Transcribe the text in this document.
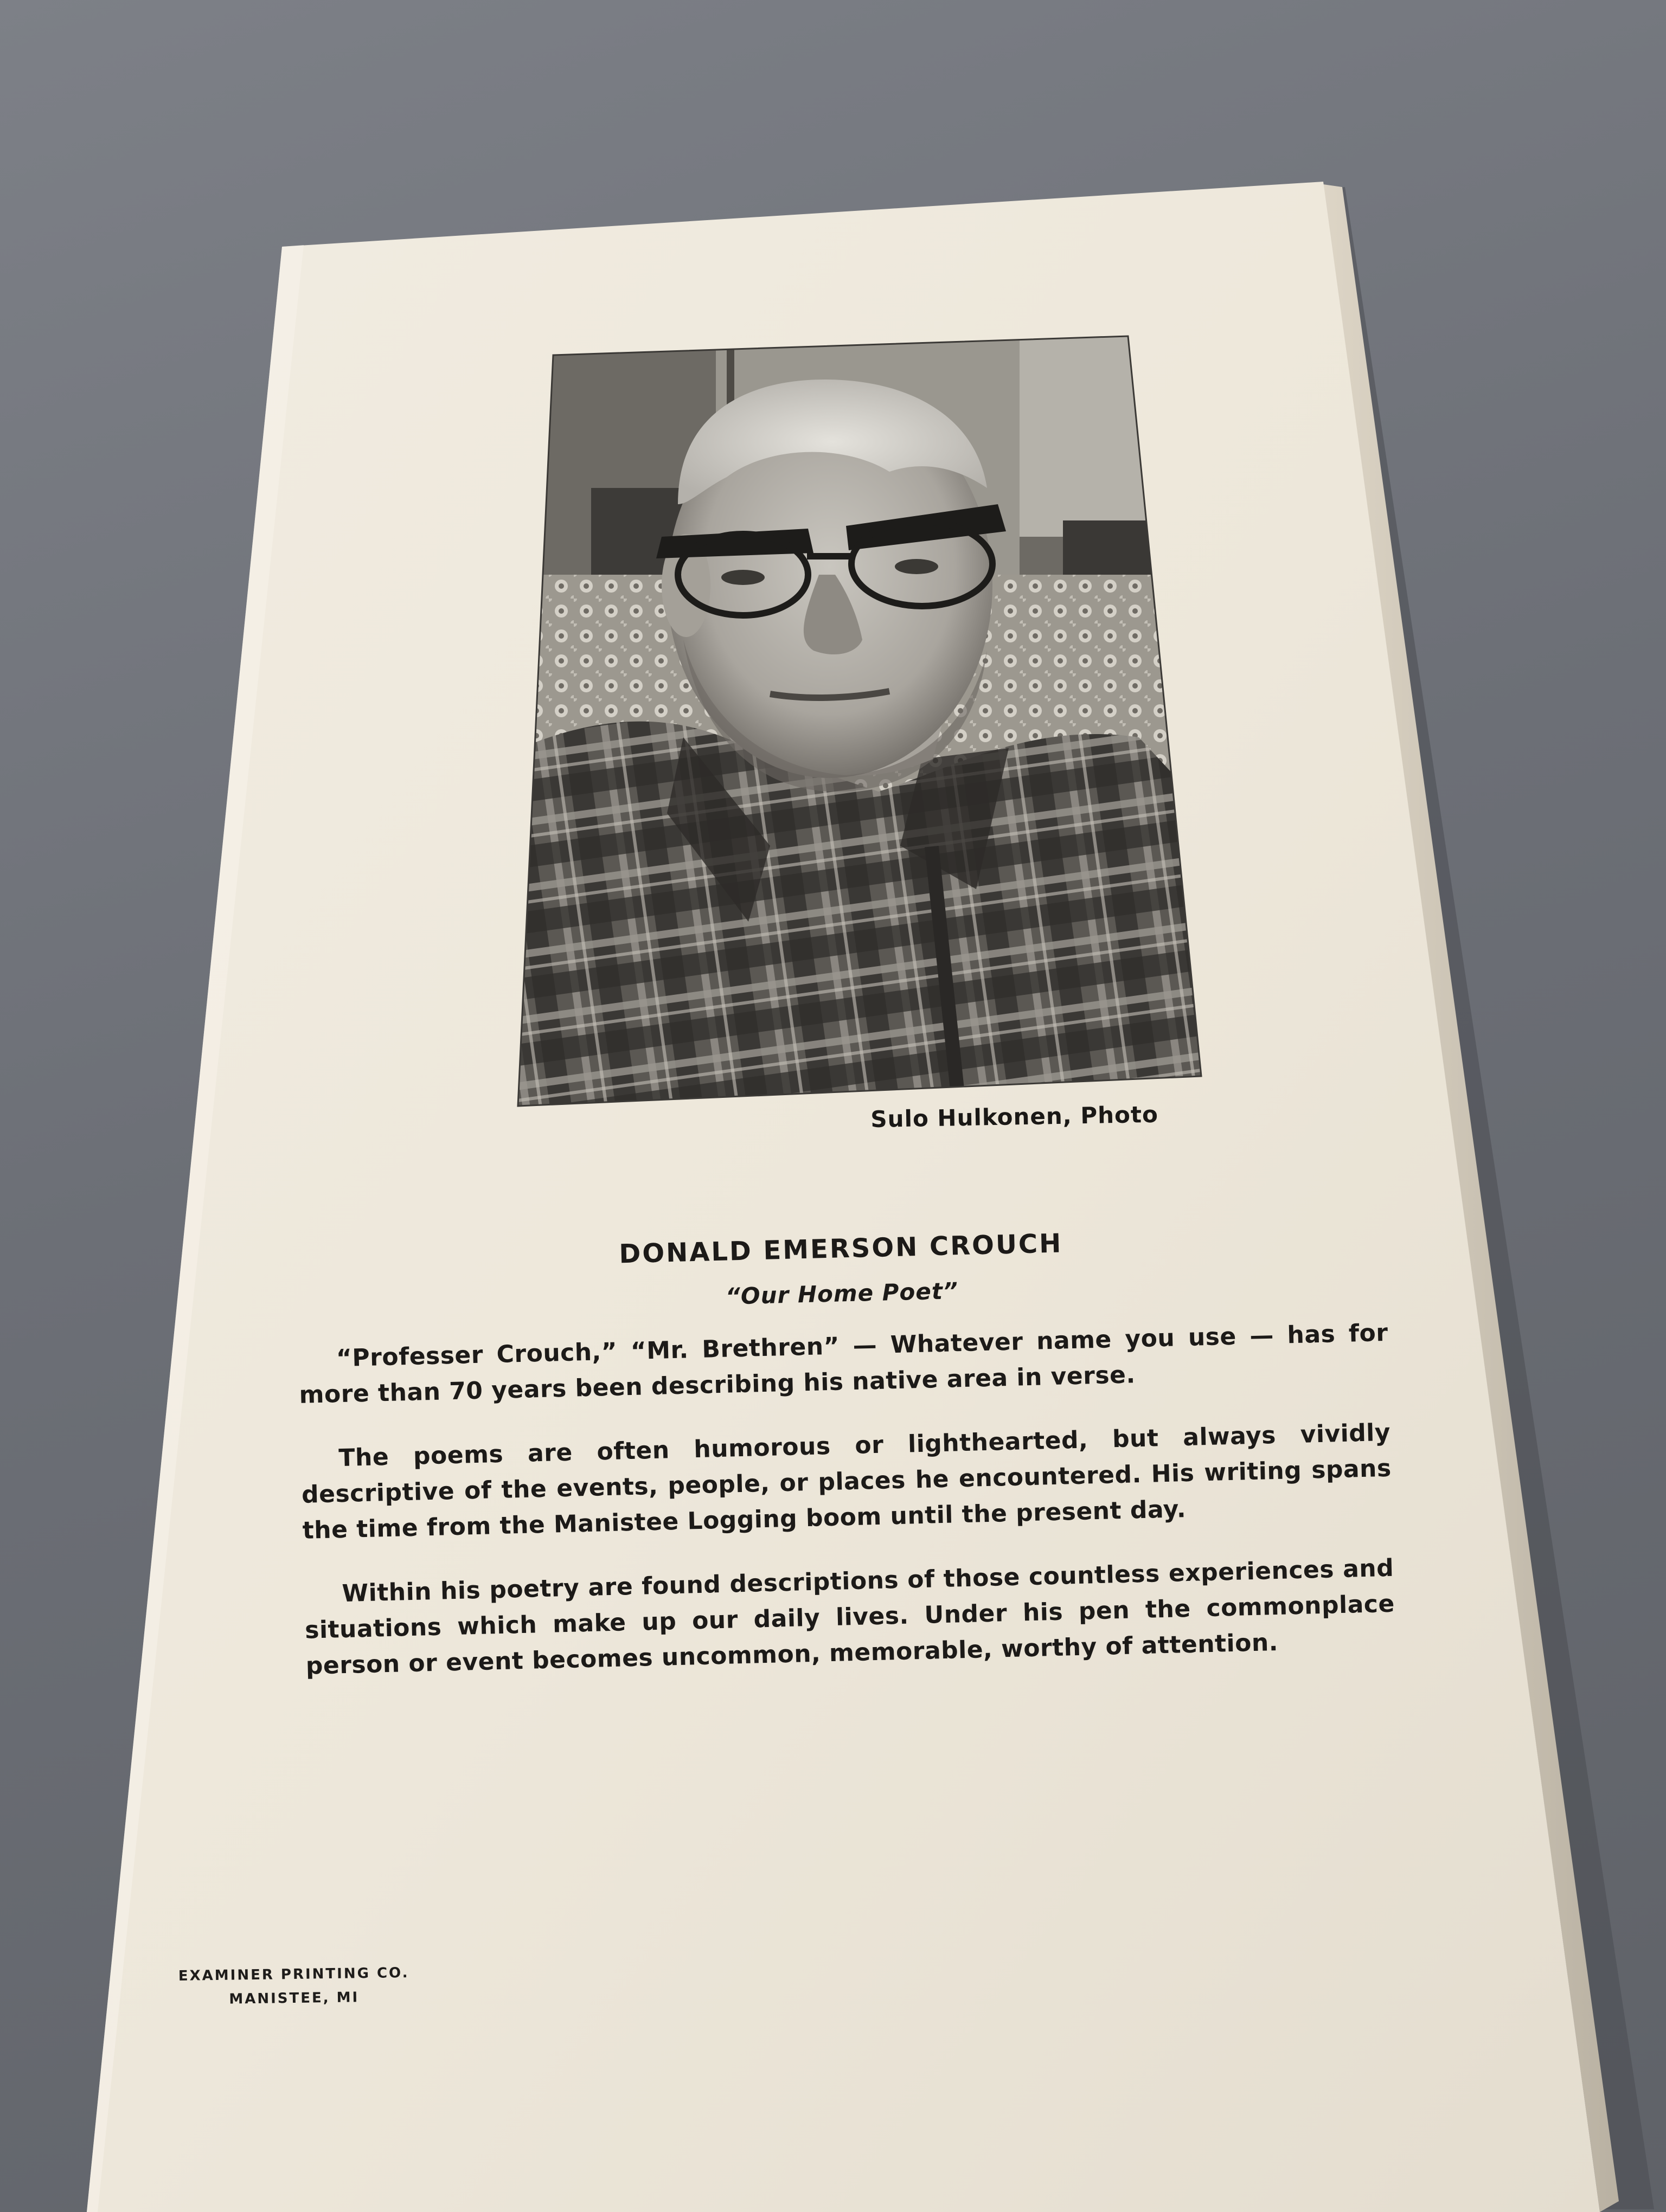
Sulo Hulkonen, Photo
DONALD EMERSON CROUCH
“Our Home Poet”

“Professer Crouch,” “Mr. Brethren” — Whatever name you use — has for more than 70 years been describing his native area in verse.

The poems are often humorous or lighthearted, but always vividly descriptive of the events, people, or places he encountered. His writing spans the time from the Manistee Logging boom until the present day.

Within his poetry are found descriptions of those countless experiences and situations which make up our daily lives. Under his pen the commonplace person or event becomes uncommon, memorable, worthy of attention.

EXAMINER PRINTING CO.
MANISTEE, MI
